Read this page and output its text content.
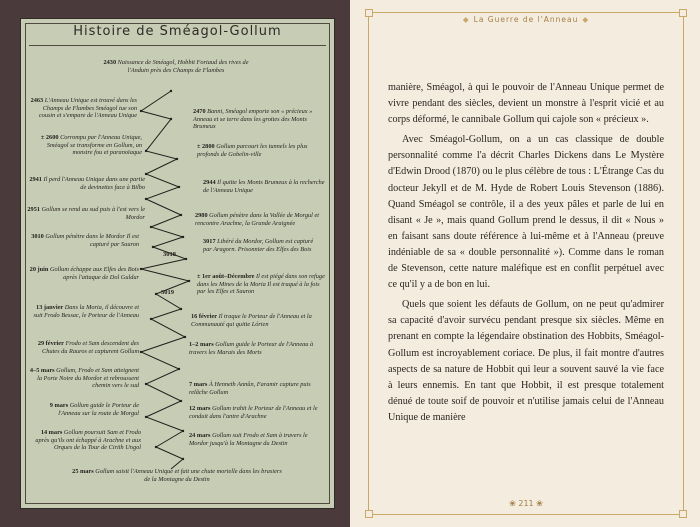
Histoire de Sméagol-Gollum
3018
3019
2430 Naissance de Sméagol, Hobbit Fortaud des rives de l'Anduin près des Champs de Flambes
2463 L'Anneau Unique est trouvé dans les Champs de Flambes Sméagol tue son cousin et s'empare de l'Anneau Unique
2470 Banni, Sméagol emporte son « précieux » Anneau et se terre dans les grottes des Monts Brumeux
± 2600 Corrompu par l'Anneau Unique, Sméagol se transforme en Gollum, un monstre fou et paranoïaque
± 2800 Gollum parcourt les tunnels les plus profonds de Gobelin-ville
2941 Il perd l'Anneau Unique dans une partie de devinettes face à Bilbo
2944 Il quitte les Monts Brumeux à la recherche de l'Anneau Unique
2951 Gollum se rend au sud puis à l'est vers le Mordor	2980 Gollum pénètre dans la Vallée de Morgul et rencontre Arachne, la Grande Araignée
3010 Gollum pénètre dans le Mordor Il est capturé par Sauron	3017 Libéré du Mordor, Gollum est capturé par Aragorn. Prisonnier des Elfes des Bois
20 juin Gollum échappe aux Elfes des Bois après l'attaque de Dol Guldur	± 1er août–Décembre Il est piégé dans son refuge dans les Mines de la Moria Il est traqué à la fois par les Elfes et Sauron
13 janvier Dans la Moria, il découvre et suit Frodo Bessac, le Porteur de l'Anneau	16 février Il traque le Porteur de l'Anneau et la Communauté qui quitte Lórien
29 février Frodo et Sam descendent des Chutes du Rauros et capturent Gollum
1–2 mars Gollum guide le Porteur de l'Anneau à travers les Marais des Morts
4–5 mars Gollum, Frodo et Sam atteignent la Porte Noire du Mordor et rebroussent chemin vers le sud	7 mars À Henneth Annûn, Faramir capture puis relâche Gollum
9 mars Gollum guide le Porteur de l'Anneau sur la route de Morgul
12 mars Gollum trahit le Porteur de l'Anneau et le conduit dans l'antre d'Arachne
14 mars Gollum poursuit Sam et Frodo après qu'ils ont échappé à Arachne et aux Orques de la Tour de Cirith Ungol
24 mars Gollum suit Frodo et Sam à travers le Mordor jusqu'à la Montagne du Destin
25 mars Gollum saisit l'Anneau Unique et fait une chute mortelle dans les brasiers de la Montagne du Destin
◆ La Guerre de l'Anneau ◆
❀ 211 ❀

manière, Sméagol, à qui le pouvoir de l'Anneau Unique permet de vivre pendant des siècles, devient un monstre à l'esprit vicié et au corps déformé, le cannibale Gollum qui cajole son « précieux ».

Avec Sméagol-Gollum, on a un cas classique de double personnalité comme l'a décrit Charles Dickens dans Le Mystère d'Edwin Drood (1870) ou le plus célèbre de tous : L'Étrange Cas du docteur Jekyll et de M. Hyde de Robert Louis Stevenson (1886). Quand Sméagol se contrôle, il a des yeux pâles et parle de lui en disant « Je », mais quand Gollum prend le dessus, il dit « Nous » en faisant sans doute référence à lui-même et à l'Anneau (preuve indéniable de sa « double personnalité »). Comme dans le roman de Stevenson, cette nature maléfique est en conflit perpétuel avec ce qu'il y a de bon en lui.

Quels que soient les défauts de Gollum, on ne peut qu'admirer sa capacité d'avoir survécu pendant presque six siècles. Même en prenant en compte la légendaire obstination des Hobbits, Sméagol-Gollum est incroyablement coriace. De plus, il fait montre d'autres aspects de sa nature de Hobbit qui leur a souvent sauvé la vie face à leurs ennemis. En tant que Hobbit, il est presque totalement dénué de toute soif de pouvoir et n'utilise jamais celui de l'Anneau Unique de manière
